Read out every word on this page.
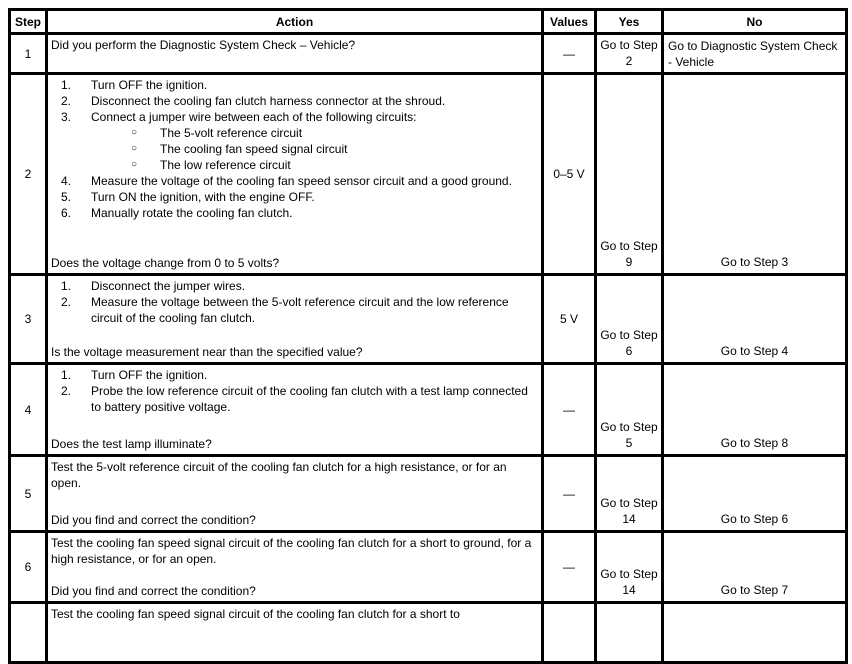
Step	Action	Values	Yes	No
1	Did you perform the Diagnostic System Check – Vehicle?	—	Go to Step 2	Go to Diagnostic System Check - Vehicle
2	
1.	Turn OFF the ignition.
2.	Disconnect the cooling fan clutch harness connector at the shroud.
3.	Connect a jumper wire between each of the following circuits:
○	The 5-volt reference circuit
○	The cooling fan speed signal circuit
○	The low reference circuit
4.	Measure the voltage of the cooling fan speed sensor circuit and a good ground.
5.	Turn ON the ignition, with the engine OFF.
6.	Manually rotate the cooling fan clutch.
Does the voltage change from 0 to 5 volts?
	0–5 V	Go to Step 9	Go to Step 3
3	1. Disconnect the jumper wires.
2. Measure the voltage between the 5-volt reference circuit and the low reference circuit of the cooling fan clutch.
Is the voltage measurement near than the specified value?	5 V	Go to Step 6	Go to Step 4
4	1. Turn OFF the ignition.
2. Probe the low reference circuit of the cooling fan clutch with a test lamp connected to battery positive voltage.
Does the test lamp illuminate?	—	Go to Step 5	Go to Step 8
5	Test the 5-volt reference circuit of the cooling fan clutch for a high resistance, or for an open.
Did you find and correct the condition?	—	Go to Step 14	Go to Step 6
6	Test the cooling fan speed signal circuit of the cooling fan clutch for a short to ground, for a high resistance, or for an open.
Did you find and correct the condition?	—	Go to Step 14	Go to Step 7

	Test the cooling fan speed signal circuit of the cooling fan clutch for a short to			
